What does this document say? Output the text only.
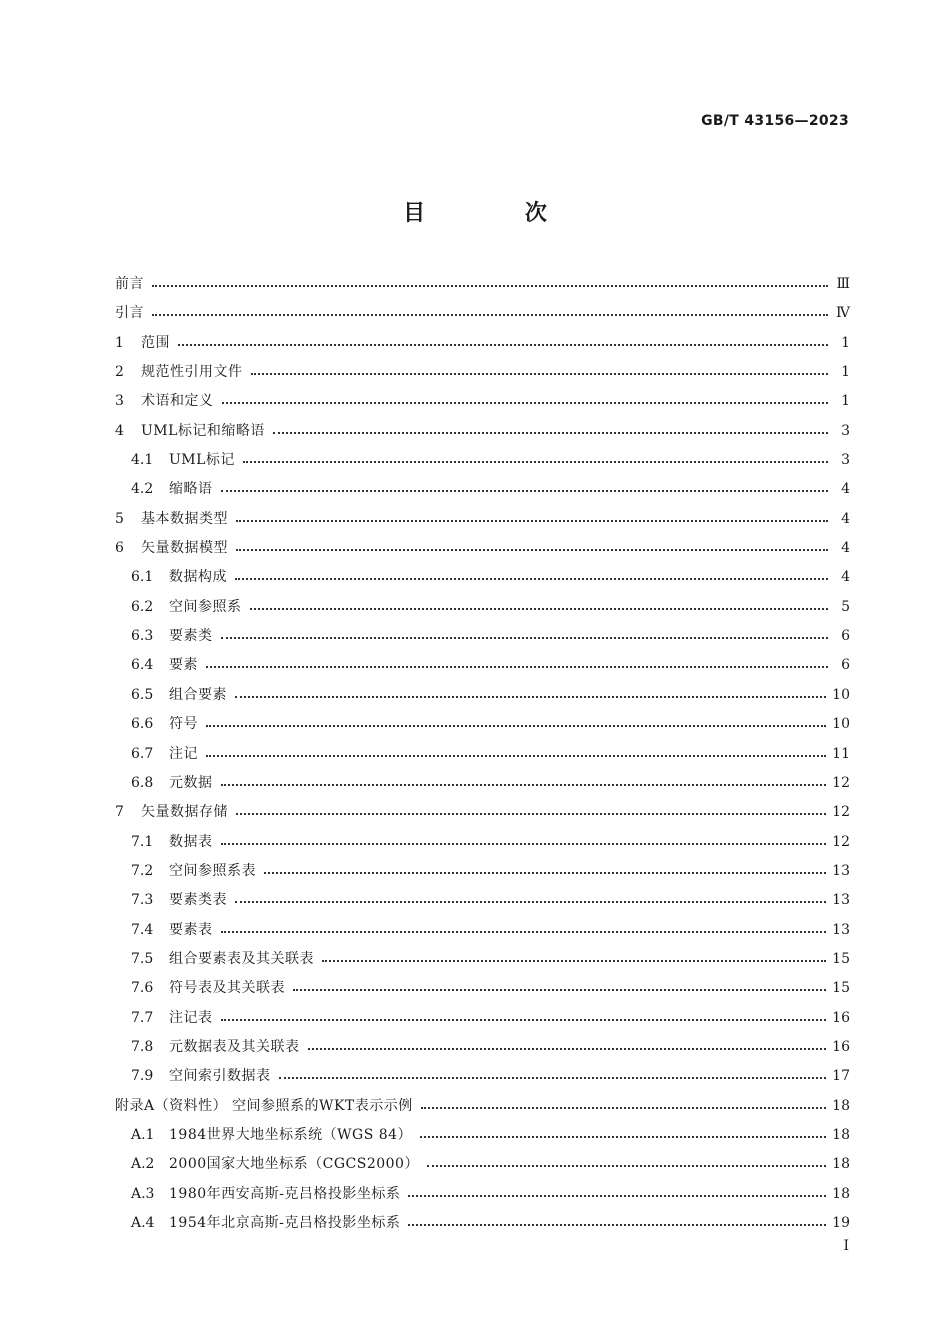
GB/T 43156—2023
目 次
前言	Ⅲ
引言	Ⅳ
1	范围	1
2	规范性引用文件	1
3	术语和定义	1
4	UML标记和缩略语	3
4.1 UML标记	3
4.2 缩略语	4
5	基本数据类型	4
6	矢量数据模型	4
6.1 数据构成	4
6.2 空间参照系	5
6.3 要素类	6
6.4 要素	6
6.5 组合要素	10
6.6 符号	10
6.7 注记	11
6.8 元数据	12
7	矢量数据存储	12
7.1 数据表	12
7.2 空间参照系表	13
7.3 要素类表	13
7.4 要素表	13
7.5 组合要素表及其关联表	15
7.6 符号表及其关联表	15
7.7 注记表	16
7.8 元数据表及其关联表	16
7.9 空间索引数据表	17
附录A（资料性） 空间参照系的WKT表示示例	18
A.1 1984世界大地坐标系统（WGS 84）	18
A.2 2000国家大地坐标系（CGCS2000）	18
A.3 1980年西安高斯-克吕格投影坐标系	18
A.4 1954年北京高斯-克吕格投影坐标系	19
Ⅰ
